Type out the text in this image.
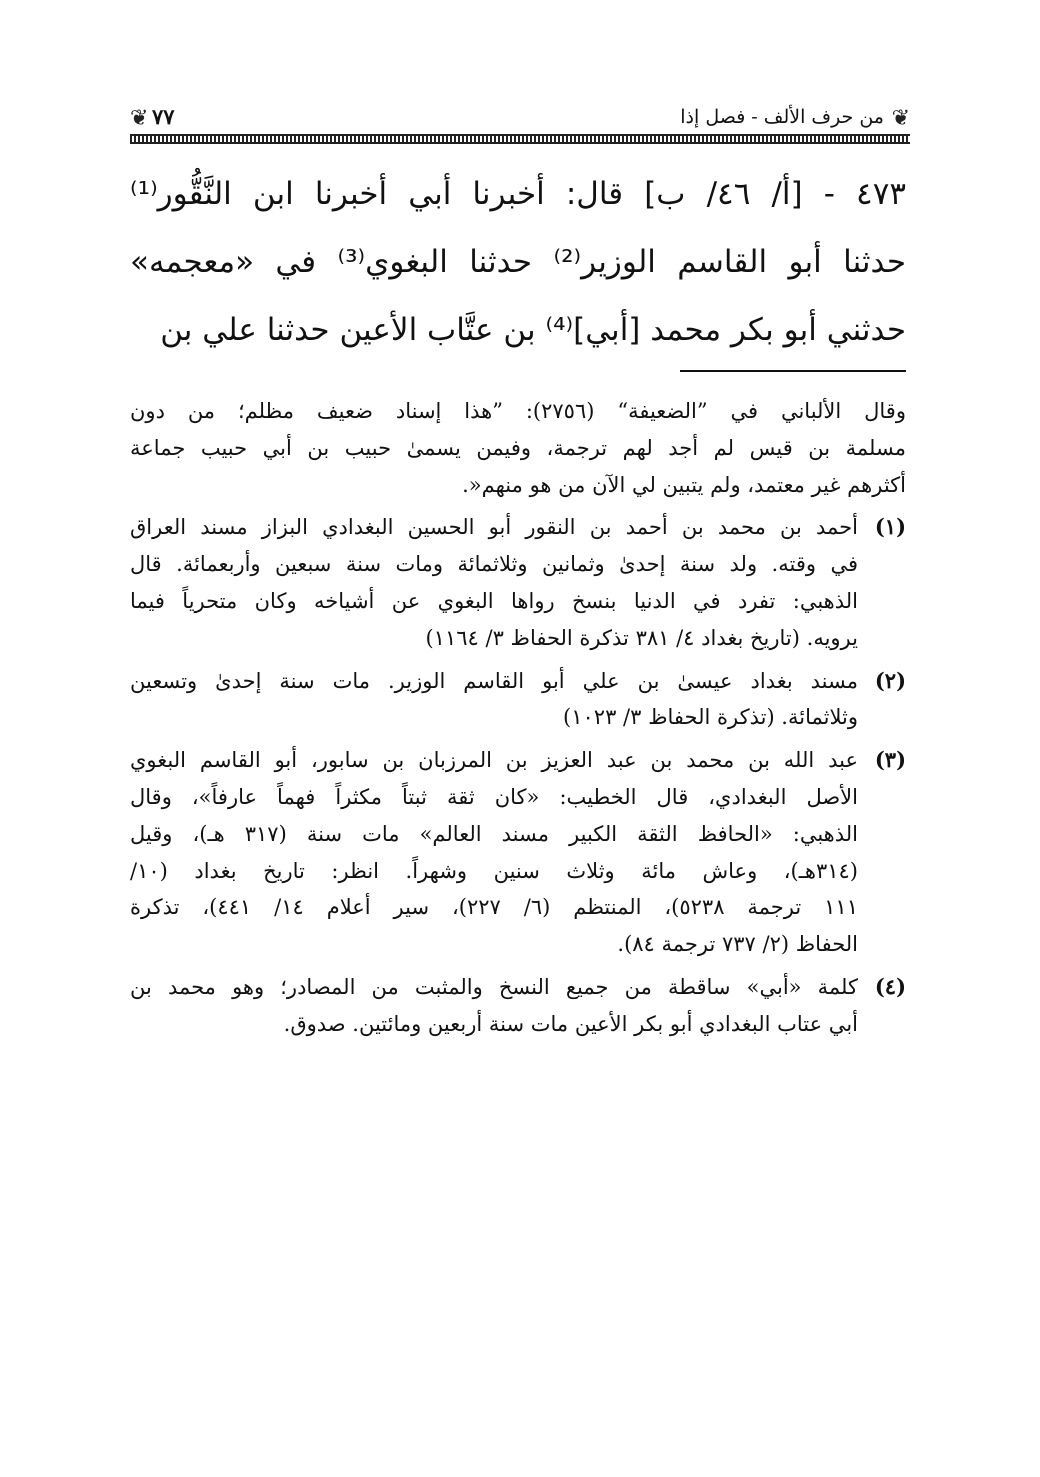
❦
من حرف الألف - فصل إذا
٧٧
❦
٤٧٣ - [أ/ ٤٦/ ب] قال: أخبرنا أبي أخبرنا ابن النَّقُّور⁽¹⁾
حدثنا أبو القاسم الوزير⁽²⁾ حدثنا البغوي⁽³⁾ في «معجمه»
حدثني أبو بكر محمد [أبي]⁽⁴⁾ بن عتَّاب الأعين حدثنا علي بن
وقال الألباني في ”الضعيفة“ (٢٧٥٦): ”هذا إسناد ضعيف مظلم؛ من دون
مسلمة بن قيس لم أجد لهم ترجمة، وفيمن يسمىٰ حبيب بن أبي حبيب جماعة
أكثرهم غير معتمد، ولم يتبين لي الآن من هو منهم«.
(١)
أحمد بن محمد بن أحمد بن النقور أبو الحسين البغدادي البزاز مسند العراق
في وقته. ولد سنة إحدىٰ وثمانين وثلاثمائة ومات سنة سبعين وأربعمائة. قال
الذهبي: تفرد في الدنيا بنسخ رواها البغوي عن أشياخه وكان متحرياً فيما
يرويه. (تاريخ بغداد ٤/ ٣٨١ تذكرة الحفاظ ٣/ ١١٦٤)
(٢)
مسند بغداد عيسىٰ بن علي أبو القاسم الوزير. مات سنة إحدىٰ وتسعين
وثلاثمائة. (تذكرة الحفاظ ٣/ ١٠٢٣)
(٣)
عبد الله بن محمد بن عبد العزيز بن المرزبان بن سابور، أبو القاسم البغوي
الأصل البغدادي، قال الخطيب: «كان ثقة ثبتاً مكثراً فهماً عارفاً»، وقال
الذهبي: «الحافظ الثقة الكبير مسند العالم» مات سنة (٣١٧ هـ)، وقيل
(٣١٤هـ)، وعاش مائة وثلاث سنين وشهراً. انظر: تاريخ بغداد (١٠/
١١١ ترجمة ٥٢٣٨)، المنتظم (٦/ ٢٢٧)، سير أعلام ١٤/ ٤٤١)، تذكرة
الحفاظ (٢/ ٧٣٧ ترجمة ٨٤).
(٤)
كلمة «أبي» ساقطة من جميع النسخ والمثبت من المصادر؛ وهو محمد بن
أبي عتاب البغدادي أبو بكر الأعين مات سنة أربعين ومائتين. صدوق.
